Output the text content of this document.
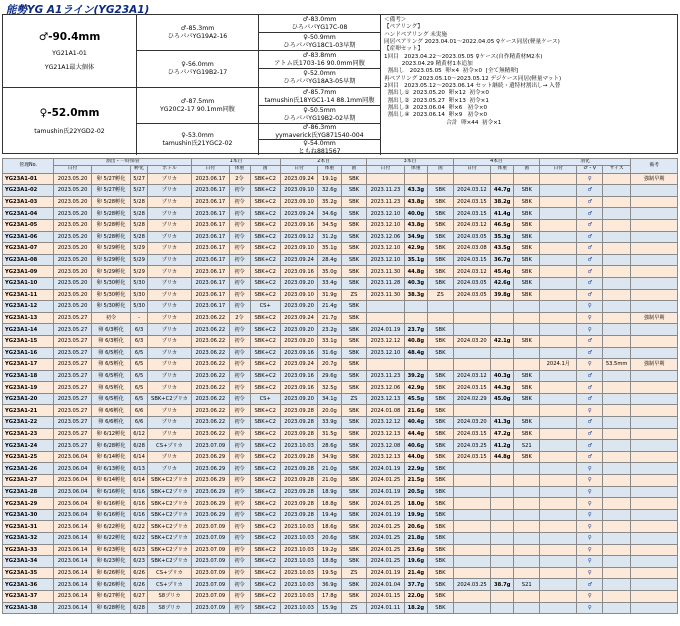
能勢YG A1ライン(YG23A1)
♂-90.4mm
YG21A1-01
YG21A1最大個体
♀-52.0mm
tamushin氏22YGD2-02
♂-85.3mm
ひろパパYG19A2-16
♀-56.0mm
ひろパパYG19B2-17
♂-87.5mm
YG20C2-17 90.1mm同腹
♀-53.0mm
tamushin氏21YGC2-02
♂-83.0mm
ひろパパYG17C-08
♀-50.9mm
ひろパパYG18C1-03早期
♂-83.8mm
アトム氏1703-16 90.0mm同腹
♀-52.0mm
ひろパパYG18A3-05早期
♂-85.7mm
tamushin氏18YGC1-14 88.1mm同腹
♀-50.5mm
ひろパパYG19B2-02早期
♂-86.3mm
yymaverick氏YG871540-004
♀-54.0mm
ともね881567
＜備考＞
【ペアリング】
ハンドペアリング 未実施
同居ペアリング 2023.04.01〜2022.04.05 ♀ケース同居(軽量ケース)
【産卵セット】
1回目   2023.04.22〜2023.05.05 ♀ケース(自作精黄材M2本)
2023.04.29 精黄材1本追加
割出し   2023.05.05  卵×4  初令×0  [全て無精卵]
再ペアリング 2023.05.10〜2023.05.12 デジケース同居(軽量マット)
2回目   2023.05.12〜2023.06.14 セット継続・遺特材割出し→ 入替
割出し①  2023.05.20  卵×12  初令×0
割出し②  2023.05.27  卵×13  初令×1
割出し③  2023.06.04  卵×6   初令×0
割出し④  2023.06.14  卵×9   初令×0
合計  卵×44  初令×1
管理No.	割出・一時保管				1本目			2本目			3本目			4本目			羽化			備考
	日付		孵化	ボトル	日付	体重	菌	日付	体重	菌	日付	体重	菌	日付	体重	菌	日付	♂・♀	サイズ	
YG23A1-01	2023.05.20	卵 5/27孵化	5/27	プリカ	2023.06.17	2令	SBK+C2	2023.09.24	19.1g	SBK								♀		強制早期
YG23A1-02	2023.05.20	卵 5/27孵化	5/27	プリカ	2023.06.17	初令	SBK+C2	2023.09.10	32.6g	SBK	2023.11.23	43.3g	SBK	2024.03.12	44.7g	SBK		♂		
YG23A1-03	2023.05.20	卵 5/28孵化	5/28	プリカ	2023.06.17	初令	SBK+C2	2023.09.10	35.2g	SBK	2023.11.23	43.8g	SBK	2024.03.15	38.2g	SBK		♂		
YG23A1-04	2023.05.20	卵 5/28孵化	5/28	プリカ	2023.06.17	初令	SBK+C2	2023.09.24	34.6g	SBK	2023.12.10	40.0g	SBK	2024.03.15	41.4g	SBK		♂		
YG23A1-05	2023.05.20	卵 5/28孵化	5/28	プリカ	2023.06.17	初令	SBK+C2	2023.09.16	34.5g	SBK	2023.12.10	43.8g	SBK	2024.03.12	46.5g	SBK		♂		
YG23A1-06	2023.05.20	卵 5/28孵化	5/28	プリカ	2023.06.17	初令	SBK+C2	2023.09.12	31.2g	SBK	2023.12.06	34.9g	SBK	2024.03.05	35.3g	SBK		♂		
YG23A1-07	2023.05.20	卵 5/29孵化	5/29	プリカ	2023.06.17	初令	SBK+C2	2023.09.10	35.1g	SBK	2023.12.10	42.9g	SBK	2024.03.08	43.5g	SBK		♂		
YG23A1-08	2023.05.20	卵 5/29孵化	5/29	プリカ	2023.06.17	初令	SBK+C2	2023.09.24	28.4g	SBK	2023.12.10	35.1g	SBK	2024.03.15	36.7g	SBK		♂		
YG23A1-09	2023.05.20	卵 5/29孵化	5/29	プリカ	2023.06.17	初令	SBK+C2	2023.09.16	35.0g	SBK	2023.11.30	44.8g	SBK	2024.03.12	45.4g	SBK		♂		
YG23A1-10	2023.05.20	卵 5/30孵化	5/30	プリカ	2023.06.17	初令	SBK+C2	2023.09.20	33.4g	SBK	2023.11.28	40.3g	SBK	2024.03.05	42.6g	SBK		♂		
YG23A1-11	2023.05.20	卵 5/30孵化	5/30	プリカ	2023.06.17	初令	SBK+C2	2023.09.10	31.9g	ZS	2023.11.30	38.3g	ZS	2024.03.05	39.8g	SBK		♂		
YG23A1-12	2023.05.20	卵 5/30孵化	5/30	プリカ	2023.06.17	初令	CS+	2023.09.20	21.4g	SBK								♀		
YG23A1-13	2023.05.27	初令	-	プリカ	2023.06.22	2令	SBK+C2	2023.09.24	21.7g	SBK								♀		強制早期
YG23A1-14	2023.05.27	卵 6/3孵化	6/3	プリカ	2023.06.22	初令	SBK+C2	2023.09.20	23.2g	SBK	2024.01.19	23.7g	SBK					♀		
YG23A1-15	2023.05.27	卵 6/3孵化	6/3	プリカ	2023.06.22	初令	SBK+C2	2023.09.20	33.1g	SBK	2023.12.12	40.8g	SBK	2024.03.20	42.1g	SBK		♂		
YG23A1-16	2023.05.27	卵 6/5孵化	6/5	プリカ	2023.06.22	初令	SBK+C2	2023.09.16	31.6g	SBK	2023.12.10	48.4g	SBK					♂		
YG23A1-17	2023.05.27	卵 6/5孵化	6/5	プリカ	2023.06.22	初令	SBK+C2	2023.09.24	20.7g	SBK							2024.1月	♀	53.5mm	強制早期
YG23A1-18	2023.05.27	卵 6/5孵化	6/5	プリカ	2023.06.22	初令	SBK+C2	2023.09.16	29.6g	SBK	2023.11.23	39.2g	SBK	2024.03.12	40.3g	SBK		♂		
YG23A1-19	2023.05.27	卵 6/5孵化	6/5	プリカ	2023.06.22	初令	SBK+C2	2023.09.16	32.5g	SBK	2023.12.06	42.9g	SBK	2024.03.15	44.3g	SBK		♂		
YG23A1-20	2023.05.27	卵 6/5孵化	6/5	SBK+C2プリカ	2023.06.22	初令	CS+	2023.09.20	34.1g	ZS	2023.12.13	45.5g	SBK	2024.02.29	45.0g	SBK		♂		
YG23A1-21	2023.05.27	卵 6/6孵化	6/6	プリカ	2023.06.22	初令	SBK+C2	2023.09.28	20.0g	SBK	2024.01.08	21.6g	SBK					♀		
YG23A1-22	2023.05.27	卵 6/6孵化	6/6	プリカ	2023.06.22	初令	SBK+C2	2023.09.28	33.9g	SBK	2023.12.12	40.4g	SBK	2024.03.20	41.3g	SBK		♂		
YG23A1-23	2023.05.27	卵 6/12孵化	6/12	プリカ	2023.06.22	初令	SBK+C2	2023.09.28	31.5g	SBK	2023.12.13	44.4g	SBK	2024.03.15	47.2g	SBK		♂		
YG23A1-24	2023.05.27	卵 6/28孵化	6/28	CS+プリカ	2023.07.09	初令	SBK+C2	2023.10.03	28.6g	SBK	2023.12.08	40.6g	SBK	2024.03.25	41.2g	S21		♂		
YG23A1-25	2023.06.04	卵 6/14孵化	6/14	プリカ	2023.06.29	初令	SBK+C2	2023.09.28	34.9g	SBK	2023.12.13	44.0g	SBK	2024.03.15	44.8g	SBK		♂		
YG23A1-26	2023.06.04	卵 6/13孵化	6/13	プリカ	2023.06.29	初令	SBK+C2	2023.09.28	21.0g	SBK	2024.01.19	22.9g	SBK					♀		
YG23A1-27	2023.06.04	卵 6/14孵化	6/14	SBK+C2プリカ	2023.06.29	初令	SBK+C2	2023.09.28	21.0g	SBK	2024.01.25	21.5g	SBK					♀		
YG23A1-28	2023.06.04	卵 6/16孵化	6/16	SBK+C2プリカ	2023.06.29	初令	SBK+C2	2023.09.28	18.9g	SBK	2024.01.19	20.5g	SBK					♀		
YG23A1-29	2023.06.04	卵 6/16孵化	6/16	SBK+C2プリカ	2023.06.29	初令	SBK+C2	2023.09.28	18.8g	SBK	2024.01.25	18.0g	SBK					♀		
YG23A1-30	2023.06.04	卵 6/16孵化	6/16	SBK+C2プリカ	2023.06.29	初令	SBK+C2	2023.09.28	19.4g	SBK	2024.01.19	19.9g	SBK					♀		
YG23A1-31	2023.06.14	卵 6/22孵化	6/22	SBK+C2プリカ	2023.07.09	初令	SBK+C2	2023.10.03	18.6g	SBK	2024.01.25	20.6g	SBK					♀		
YG23A1-32	2023.06.14	卵 6/22孵化	6/22	SBK+C2プリカ	2023.07.09	初令	SBK+C2	2023.10.03	20.6g	SBK	2024.01.25	21.8g	SBK					♀		
YG23A1-33	2023.06.14	卵 6/23孵化	6/23	SBK+C2プリカ	2023.07.09	初令	SBK+C2	2023.10.03	19.2g	SBK	2024.01.25	23.6g	SBK					♀		
YG23A1-34	2023.06.14	卵 6/23孵化	6/23	SBK+C2プリカ	2023.07.09	初令	SBK+C2	2023.10.03	18.8g	SBK	2024.01.25	19.6g	SBK					♀		
YG23A1-35	2023.06.14	卵 6/26孵化	6/26	CS+プリカ	2023.07.09	初令	SBK+C2	2023.10.03	19.5g	ZS	2024.01.19	21.4g	SBK					♀		
YG23A1-36	2023.06.14	卵 6/26孵化	6/26	CS+プリカ	2023.07.09	初令	SBK+C2	2023.10.03	36.9g	SBK	2024.01.04	37.7g	SBK	2024.03.25	38.7g	S21		♂		
YG23A1-37	2023.06.14	卵 6/27孵化	6/27	S8プリカ	2023.07.09	初令	SBK+C2	2023.10.03	17.8g	SBK	2024.01.15	22.0g	SBK					♀		
YG23A1-38	2023.06.14	卵 6/28孵化	6/28	S8プリカ	2023.07.09	初令	SBK+C2	2023.10.03	15.9g	ZS	2024.01.11	18.2g	SBK					♀		
